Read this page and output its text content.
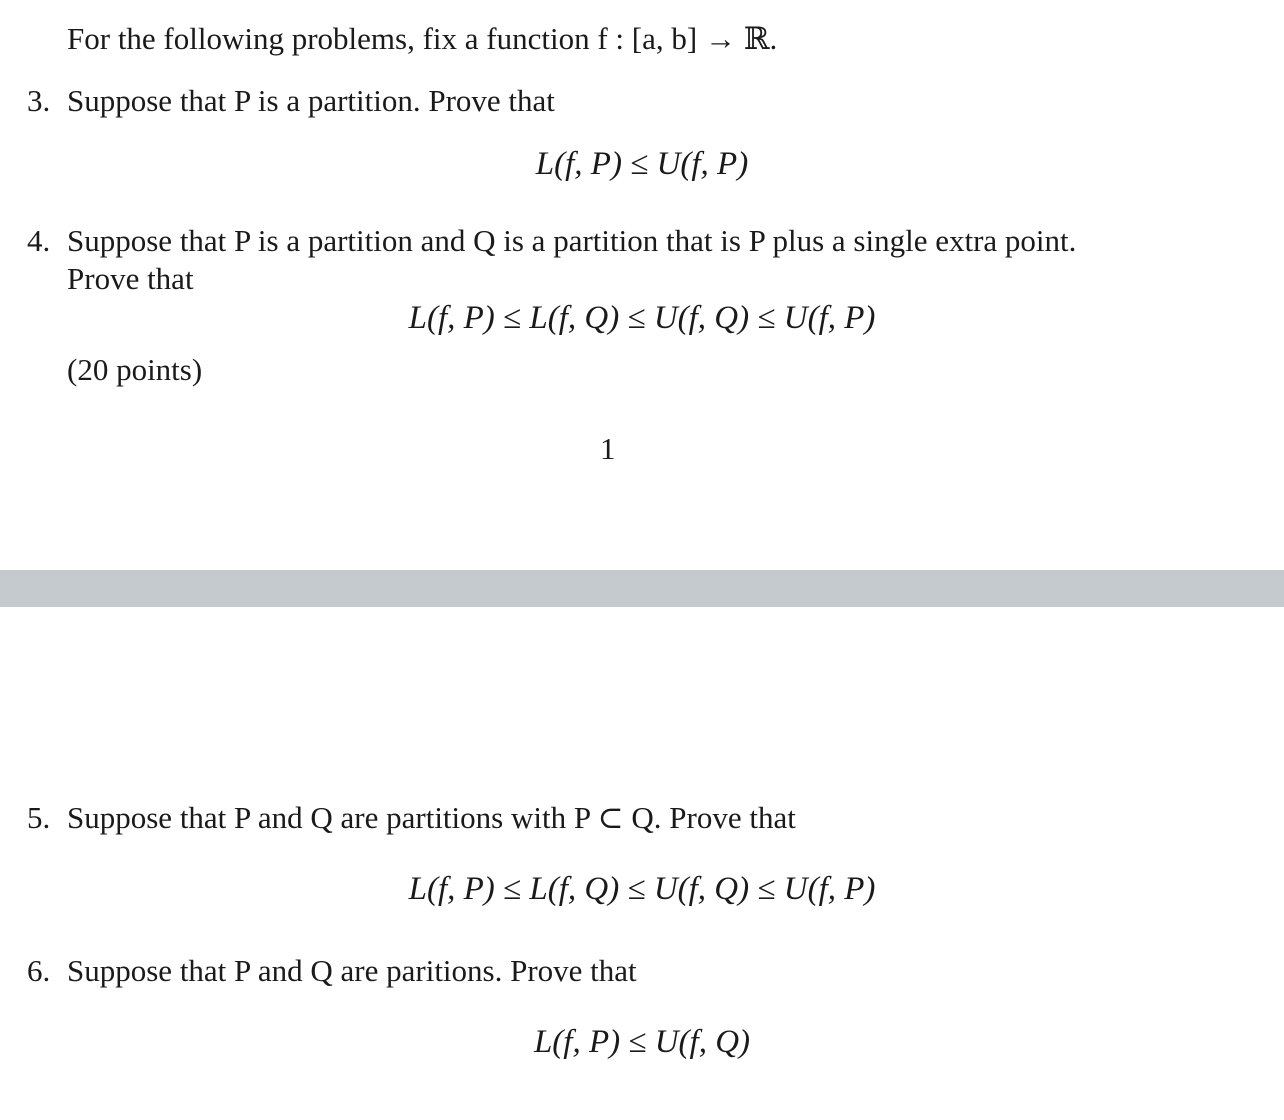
For the following problems, fix a function f : [a, b] → ℝ.
3. Suppose that P is a partition. Prove that
L(f, P) ≤ U(f, P)
4. Suppose that P is a partition and Q is a partition that is P plus a single extra point.
Prove that
L(f, P) ≤ L(f, Q) ≤ U(f, Q) ≤ U(f, P)
(20 points)
1
5. Suppose that P and Q are partitions with P ⊂ Q. Prove that
L(f, P) ≤ L(f, Q) ≤ U(f, Q) ≤ U(f, P)
6. Suppose that P and Q are paritions. Prove that
L(f, P) ≤ U(f, Q)
